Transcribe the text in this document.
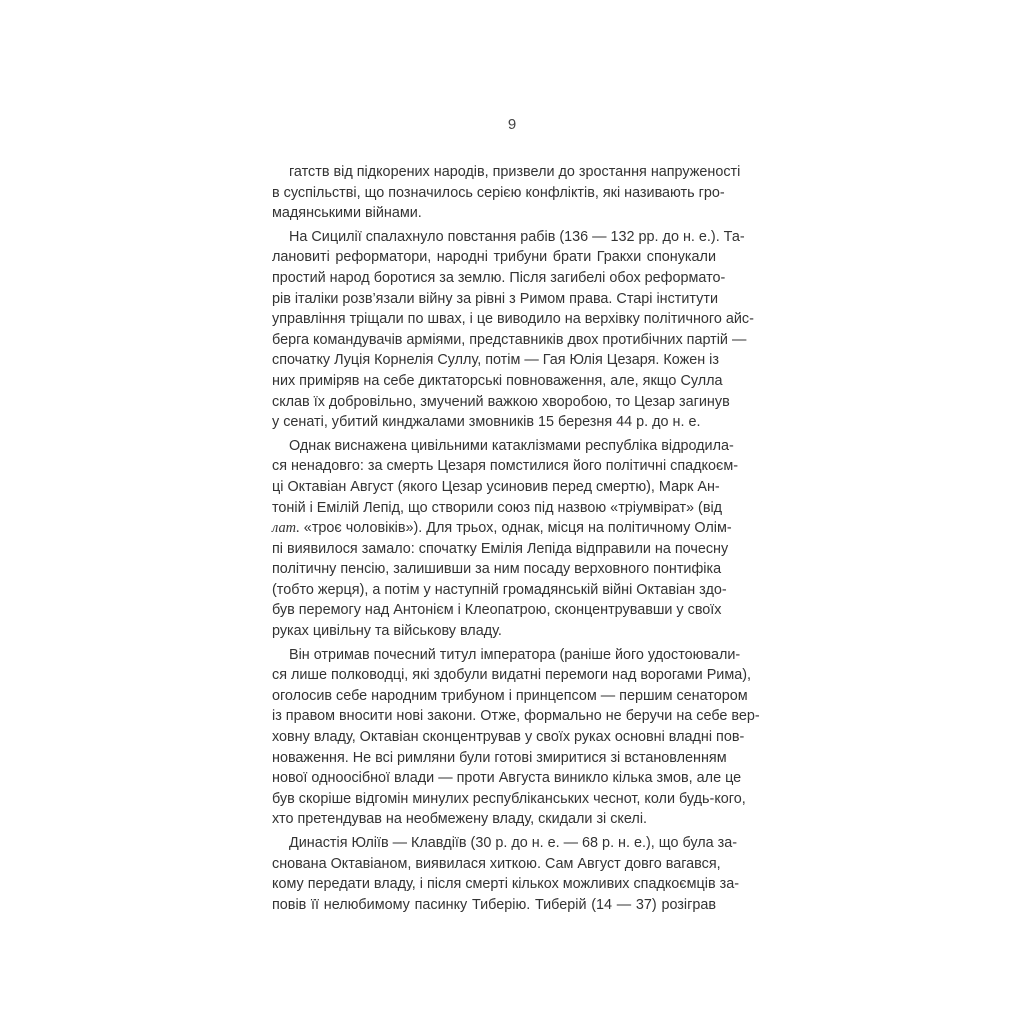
9
гатств від підкорених народів, призвели до зростання напруженості
в суспільстві, що позначилось серією конфліктів, які називають гро-
мадянськими війнами.
На Сицилії спалахнуло повстання рабів (136 — 132 рр. до н. е.). Та-
лановиті реформатори, народні трибуни брати Гракхи спонукали
простий народ боротися за землю. Після загибелі обох реформато-
рів італіки розв’язали війну за рівні з Римом права. Старі інститути
управління тріщали по швах, і це виводило на верхівку політичного айс-
берга командувачів арміями, представників двох протибічних партій —
спочатку Луція Корнелія Суллу, потім — Гая Юлія Цезаря. Кожен із
них приміряв на себе диктаторські повноваження, але, якщо Сулла
склав їх добровільно, змучений важкою хворобою, то Цезар загинув
у сенаті, убитий кинджалами змовників 15 березня 44 р. до н. е.
Однак виснажена цивільними катаклізмами республіка відродила-
ся ненадовго: за смерть Цезаря помстилися його політичні спадкоєм-
ці Октавіан Август (якого Цезар усиновив перед смертю), Марк Ан-
тоній і Емілій Лепід, що створили союз під назвою «тріумвірат» (від
лат. «троє чоловіків»). Для трьох, однак, місця на політичному Олім-
пі виявилося замало: спочатку Емілія Лепіда відправили на почесну
політичну пенсію, залишивши за ним посаду верховного понтифіка
(тобто жерця), а потім у наступній громадянській війні Октавіан здо-
був перемогу над Антонієм і Клеопатрою, сконцентрувавши у своїх
руках цивільну та військову владу.
Він отримав почесний титул імператора (раніше його удостоювали-
ся лише полководці, які здобули видатні перемоги над ворогами Рима),
оголосив себе народним трибуном і принцепсом — першим сенатором
із правом вносити нові закони. Отже, формально не беручи на себе вер-
ховну владу, Октавіан сконцентрував у своїх руках основні владні пов-
новаження. Не всі римляни були готові змиритися зі встановленням
нової одноосібної влади — проти Августа виникло кілька змов, але це
був скоріше відгомін минулих республіканських чеснот, коли будь-кого,
хто претендував на необмежену владу, скидали зі скелі.
Династія Юліїв — Клавдіїв (30 р. до н. е. — 68 р. н. е.), що була за-
снована Октавіаном, виявилася хиткою. Сам Август довго вагався,
кому передати владу, і після смерті кількох можливих спадкоємців за-
повів її нелюбимому пасинку Тиберію. Тиберій (14 — 37) розіграв
